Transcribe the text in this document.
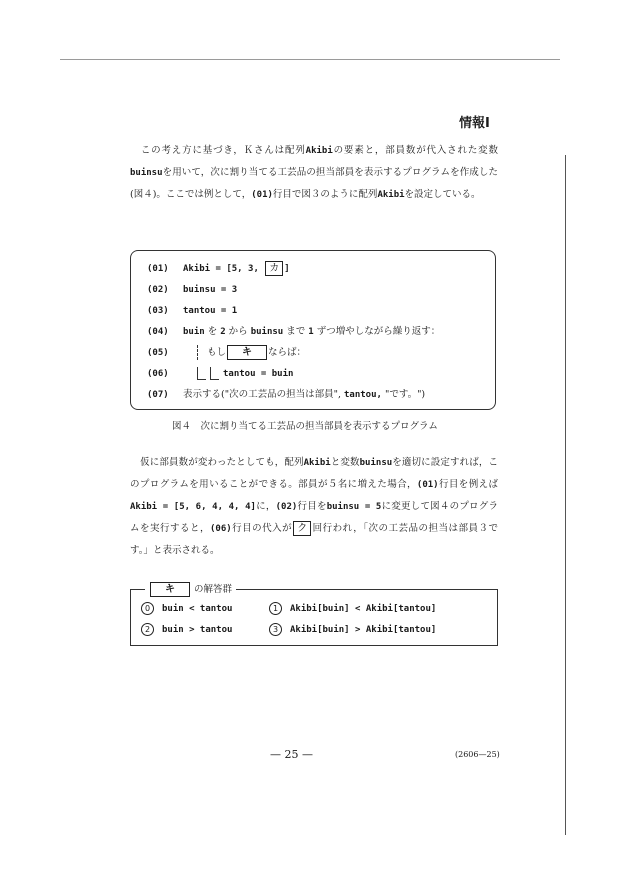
情報Ⅰ
この考え方に基づき，Ｋさんは配列Akibiの要素と，部員数が代入された変数buinsuを用いて，次に割り当てる工芸品の担当部員を表示するプログラムを作成した(図４)。ここでは例として，(01)行目で図３のように配列Akibiを設定している。
(01) Akibi = [5, 3, カ ]
(02) buinsu = 3
(03) tantou = 1
(04) buin を 2 から buinsu まで 1 ずつ増やしながら繰り返す：
(05)	もし キ ならば：
(06)	tantou = buin
(07) 表示する("次の工芸品の担当は部員", tantou, "です。")
図４　次に割り当てる工芸品の担当部員を表示するプログラム
仮に部員数が変わったとしても，配列Akibiと変数buinsuを適切に設定すれば，このプログラムを用いることができる。部員が５名に増えた場合，(01)行目を例えばAkibi = [5, 6, 4, 4, 4]に，(02)行目をbuinsu = 5に変更して図４のプログラムを実行すると，(06)行目の代入が ク 回行われ，「次の工芸品の担当は部員３です。」と表示される。
キ の解答群
0 buin < tantou	1 Akibi[buin] < Akibi[tantou]
2 buin > tantou	3 Akibi[buin] > Akibi[tantou]
— 25 —	(2606—25)
